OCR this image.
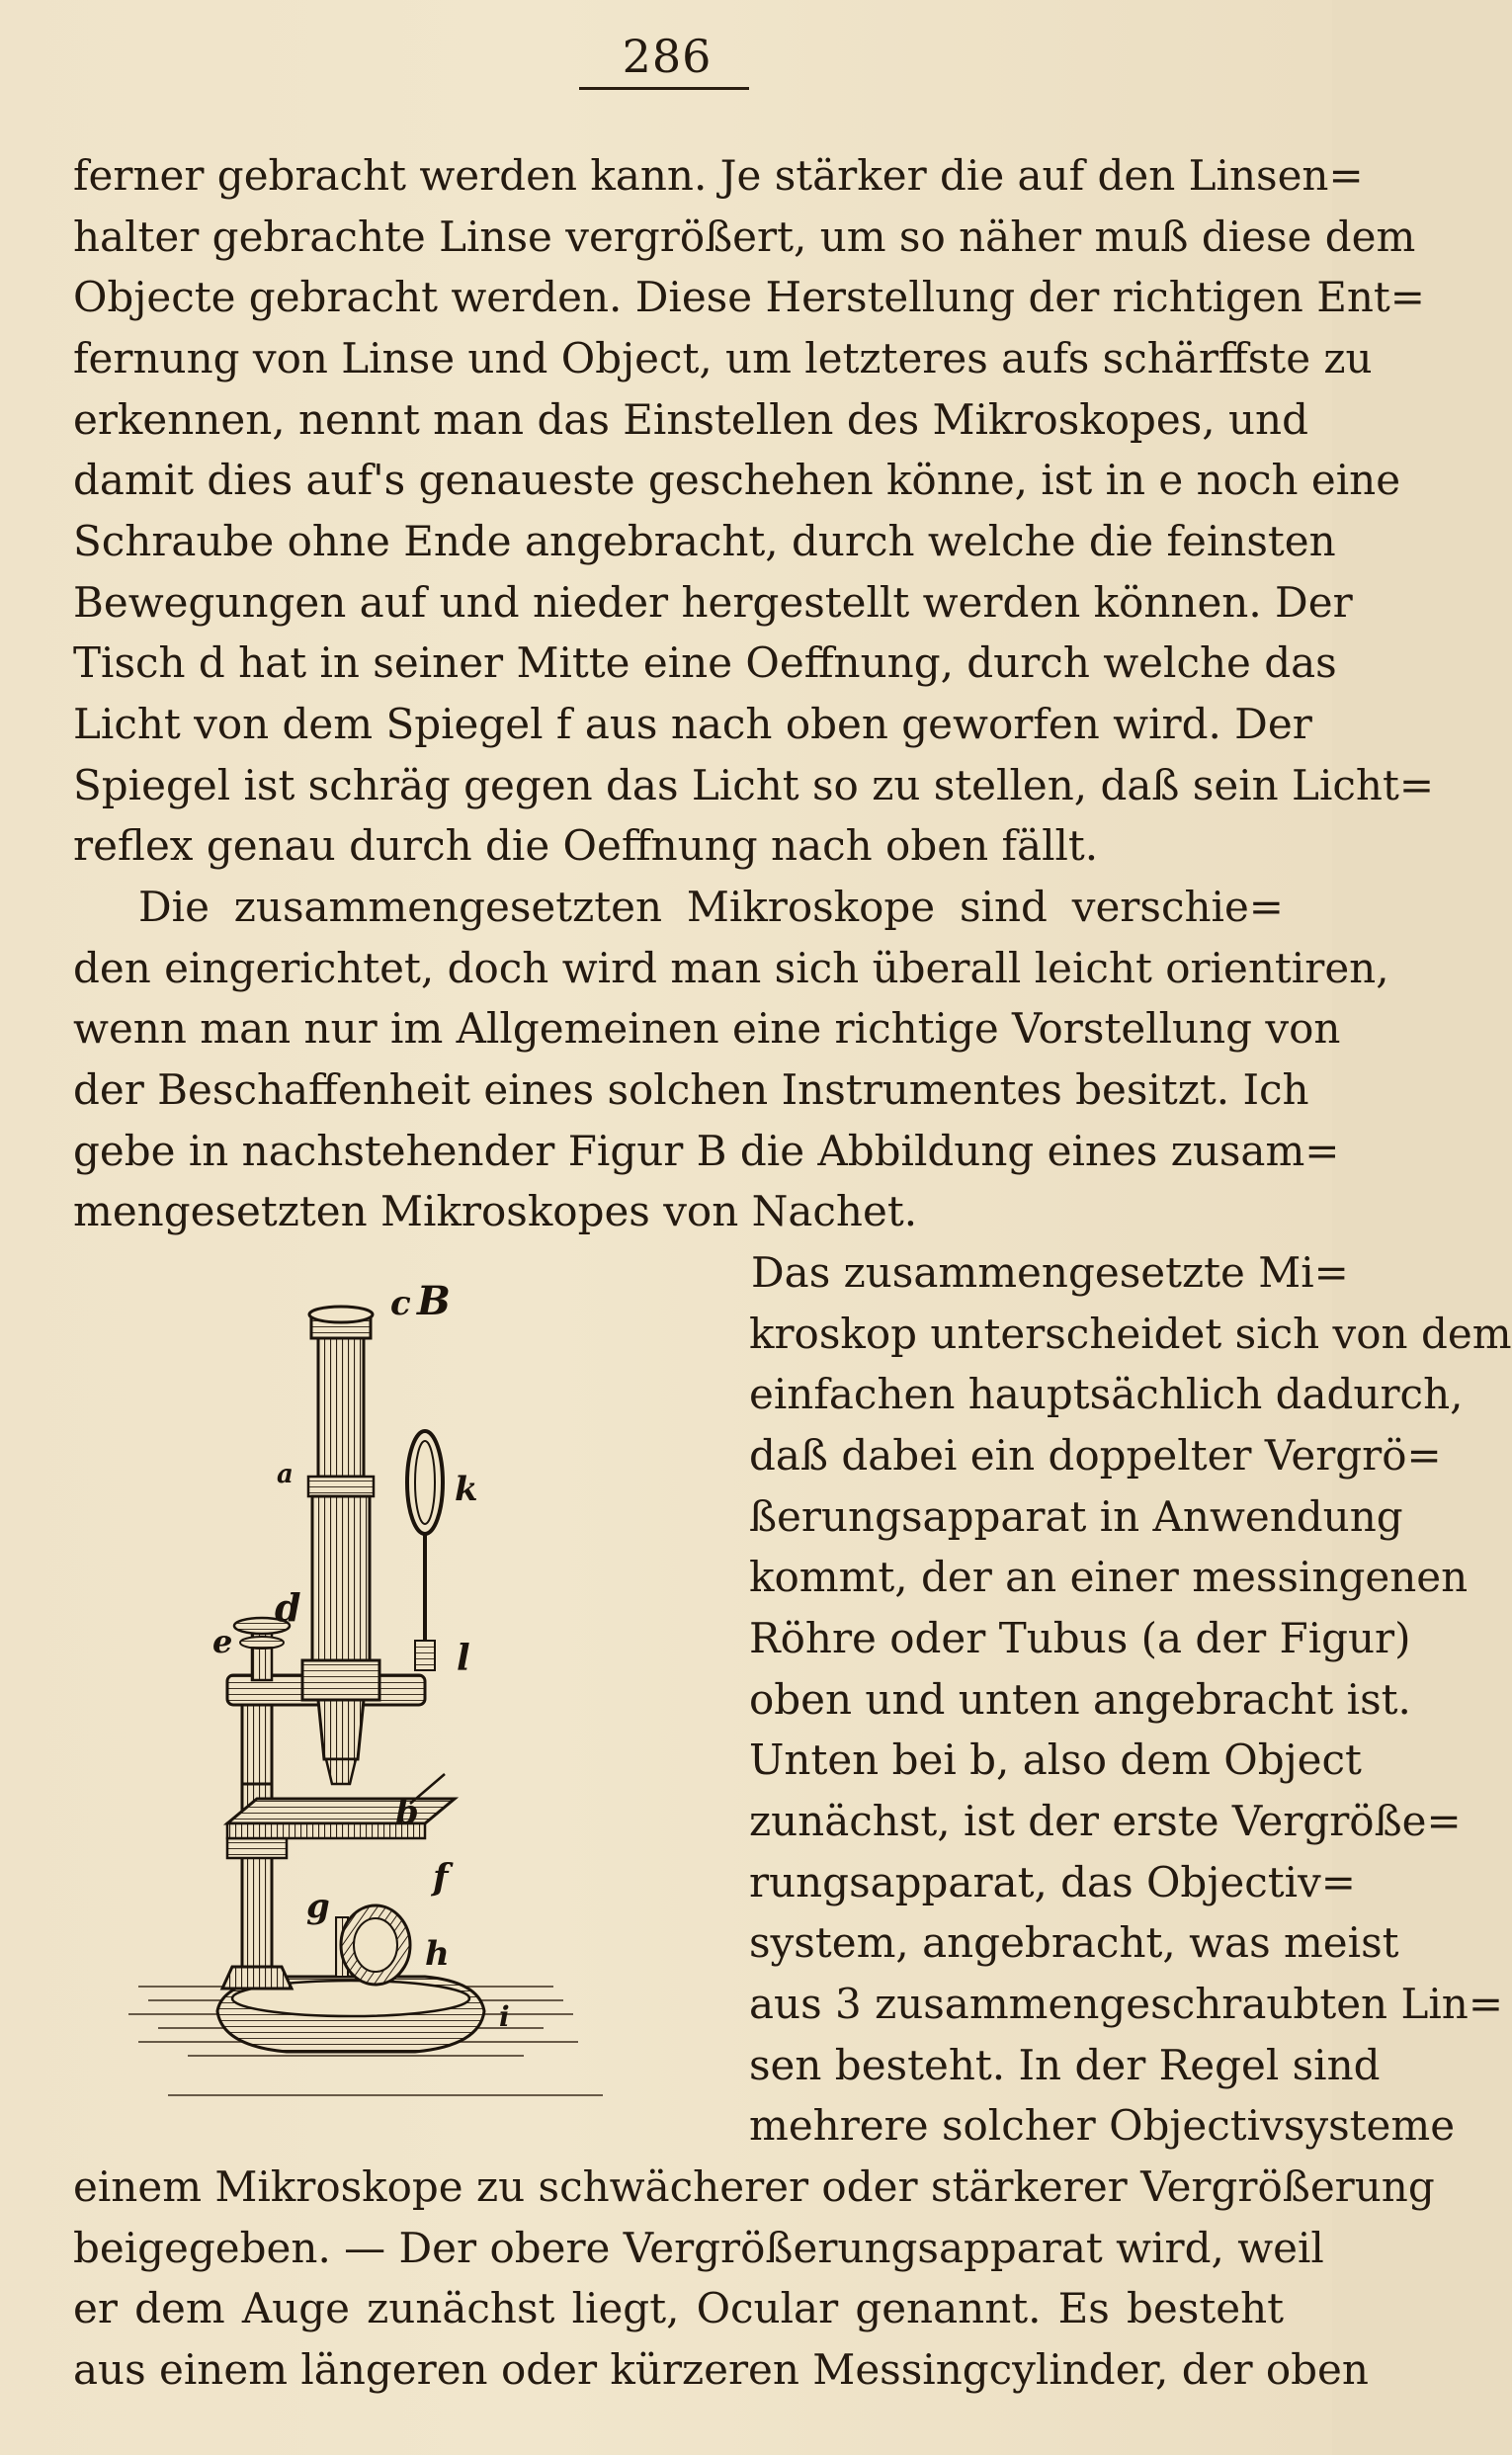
286
ferner gebracht werden kann. Je stärker die auf den Linsen=
halter gebrachte Linse vergrößert, um so näher muß diese dem
Objecte gebracht werden. Diese Herstellung der richtigen Ent=
fernung von Linse und Object, um letzteres aufs schärffste zu
erkennen, nennt man das Einstellen des Mikroskopes, und
damit dies auf's genaueste geschehen könne, ist in e noch eine
Schraube ohne Ende angebracht, durch welche die feinsten
Bewegungen auf und nieder hergestellt werden können. Der
Tisch d hat in seiner Mitte eine Oeffnung, durch welche das
Licht von dem Spiegel f aus nach oben geworfen wird. Der
Spiegel ist schräg gegen das Licht so zu stellen, daß sein Licht=
reflex genau durch die Oeffnung nach oben fällt.
Die zusammengesetzten Mikroskope sind verschie=
den eingerichtet, doch wird man sich überall leicht orientiren,
wenn man nur im Allgemeinen eine richtige Vorstellung von
der Beschaffenheit eines solchen Instrumentes besitzt. Ich
gebe in nachstehender Figur B die Abbildung eines zusam=
mengesetzten Mikroskopes von Nachet.
Das zusammengesetzte Mi=
kroskop unterscheidet sich von dem
einfachen hauptsächlich dadurch,
daß dabei ein doppelter Vergrö=
ßerungsapparat in Anwendung
kommt, der an einer messingenen
Röhre oder Tubus (a der Figur)
oben und unten angebracht ist.
Unten bei b, also dem Object
zunächst, ist der erste Vergröße=
rungsapparat, das Objectiv=
system, angebracht, was meist
aus 3 zusammengeschraubten Lin=
sen besteht. In der Regel sind
mehrere solcher Objectivsysteme
einem Mikroskope zu schwächerer oder stärkerer Vergrößerung
beigegeben. — Der obere Vergrößerungsapparat wird, weil
er dem Auge zunächst liegt, Ocular genannt. Es besteht
aus einem längeren oder kürzeren Messingcylinder, der oben
c B
a	k
d
e	l
b
f
g
h
i
